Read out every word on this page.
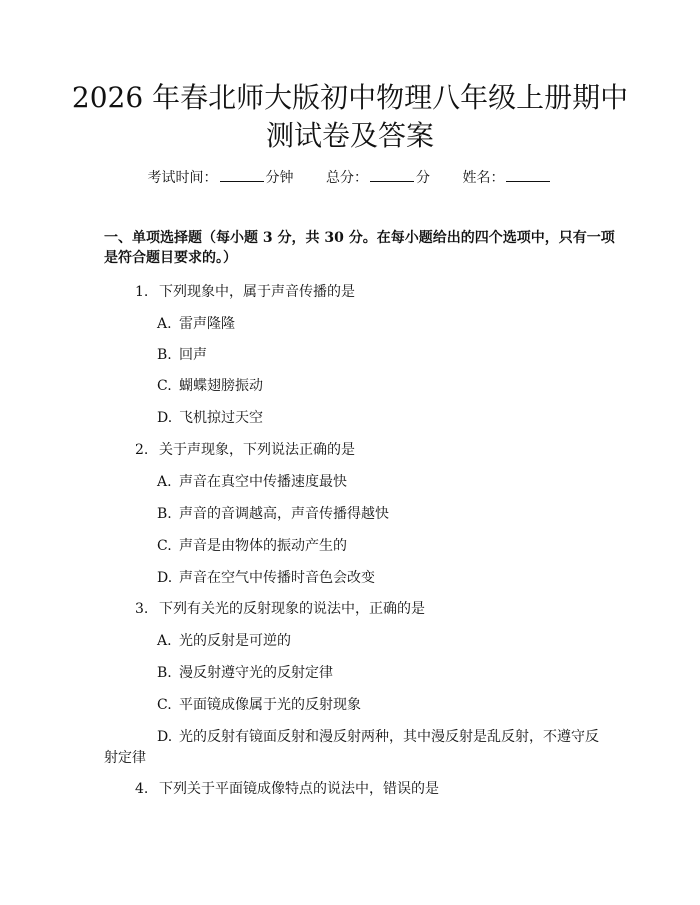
2026 年春北师大版初中物理八年级上册期中
测试卷及答案
考试时间：	分钟 总分：	分 姓名：
一、单项选择题（每小题 3 分，共 30 分。在每小题给出的四个选项中，只有一项
是符合题目要求的。）
1. 下列现象中，属于声音传播的是
A. 雷声隆隆
B. 回声
C. 蝴蝶翅膀振动
D. 飞机掠过天空
2. 关于声现象，下列说法正确的是
A. 声音在真空中传播速度最快
B. 声音的音调越高，声音传播得越快
C. 声音是由物体的振动产生的
D. 声音在空气中传播时音色会改变
3. 下列有关光的反射现象的说法中，正确的是
A. 光的反射是可逆的
B. 漫反射遵守光的反射定律
C. 平面镜成像属于光的反射现象
D. 光的反射有镜面反射和漫反射两种，其中漫反射是乱反射，不遵守反
射定律
4. 下列关于平面镜成像特点的说法中，错误的是
